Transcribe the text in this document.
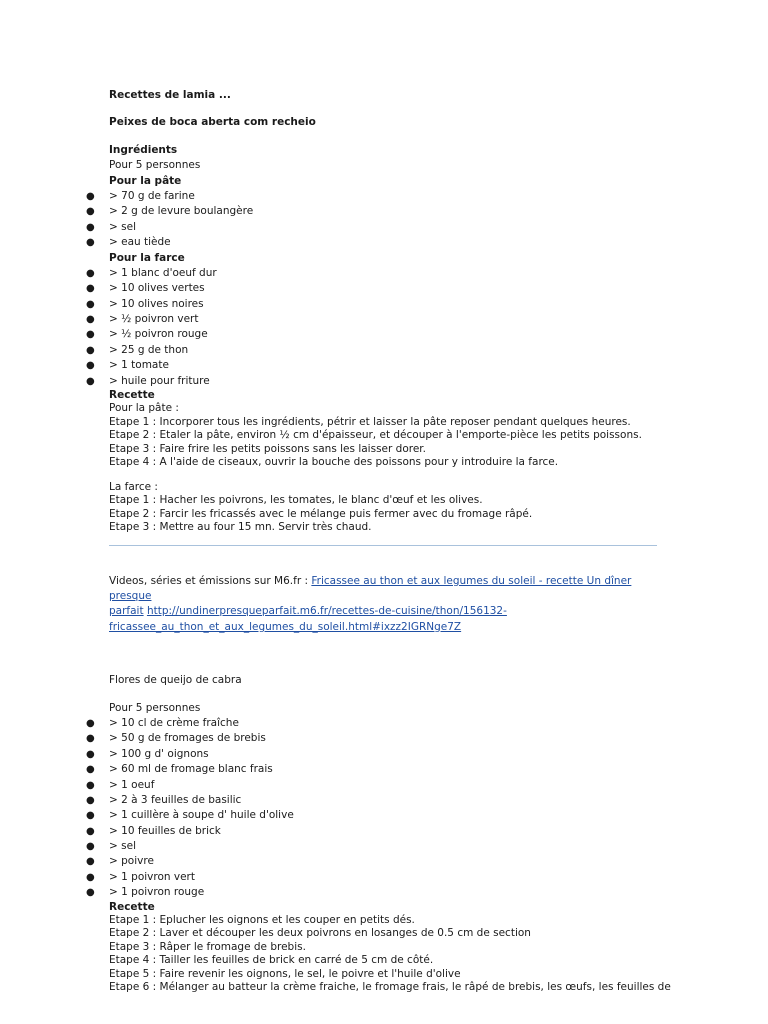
Recettes de lamia ...
Peixes de boca aberta com recheio
Ingrédients
Pour 5 personnes
Pour la pâte
● > 70 g de farine
● > 2 g de levure boulangère
● > sel
● > eau tiède
Pour la farce
● > 1 blanc d'oeuf dur
● > 10 olives vertes
● > 10 olives noires
● > ½ poivron vert
● > ½ poivron rouge
● > 25 g de thon
● > 1 tomate
● > huile pour friture
Recette
Pour la pâte :
Etape 1 : Incorporer tous les ingrédients, pétrir et laisser la pâte reposer pendant quelques heures.
Etape 2 : Etaler la pâte, environ ½ cm d'épaisseur, et découper à l'emporte-pièce les petits poissons.
Etape 3 : Faire frire les petits poissons sans les laisser dorer.
Etape 4 : A l'aide de ciseaux, ouvrir la bouche des poissons pour y introduire la farce.
La farce :
Etape 1 : Hacher les poivrons, les tomates, le blanc d'œuf et les olives.
Etape 2 : Farcir les fricassés avec le mélange puis fermer avec du fromage râpé.
Etape 3 : Mettre au four 15 mn. Servir très chaud.
Videos, séries et émissions sur M6.fr : Fricassee au thon et aux legumes du soleil - recette Un dîner presque
parfait http://undinerpresqueparfait.m6.fr/recettes-de-cuisine/thon/156132-
fricassee_au_thon_et_aux_legumes_du_soleil.html#ixzz2IGRNge7Z
Flores de queijo de cabra
Pour 5 personnes
● > 10 cl de crème fraîche
● > 50 g de fromages de brebis
● > 100 g d' oignons
● > 60 ml de fromage blanc frais
● > 1 oeuf
● > 2 à 3 feuilles de basilic
● > 1 cuillère à soupe d' huile d'olive
● > 10 feuilles de brick
● > sel
● > poivre
● > 1 poivron vert
● > 1 poivron rouge
Recette
Etape 1 : Eplucher les oignons et les couper en petits dés.
Etape 2 : Laver et découper les deux poivrons en losanges de 0.5 cm de section
Etape 3 : Râper le fromage de brebis.
Etape 4 : Tailler les feuilles de brick en carré de 5 cm de côté.
Etape 5 : Faire revenir les oignons, le sel, le poivre et l'huile d'olive
Etape 6 : Mélanger au batteur la crème fraiche, le fromage frais, le râpé de brebis, les œufs, les feuilles de
